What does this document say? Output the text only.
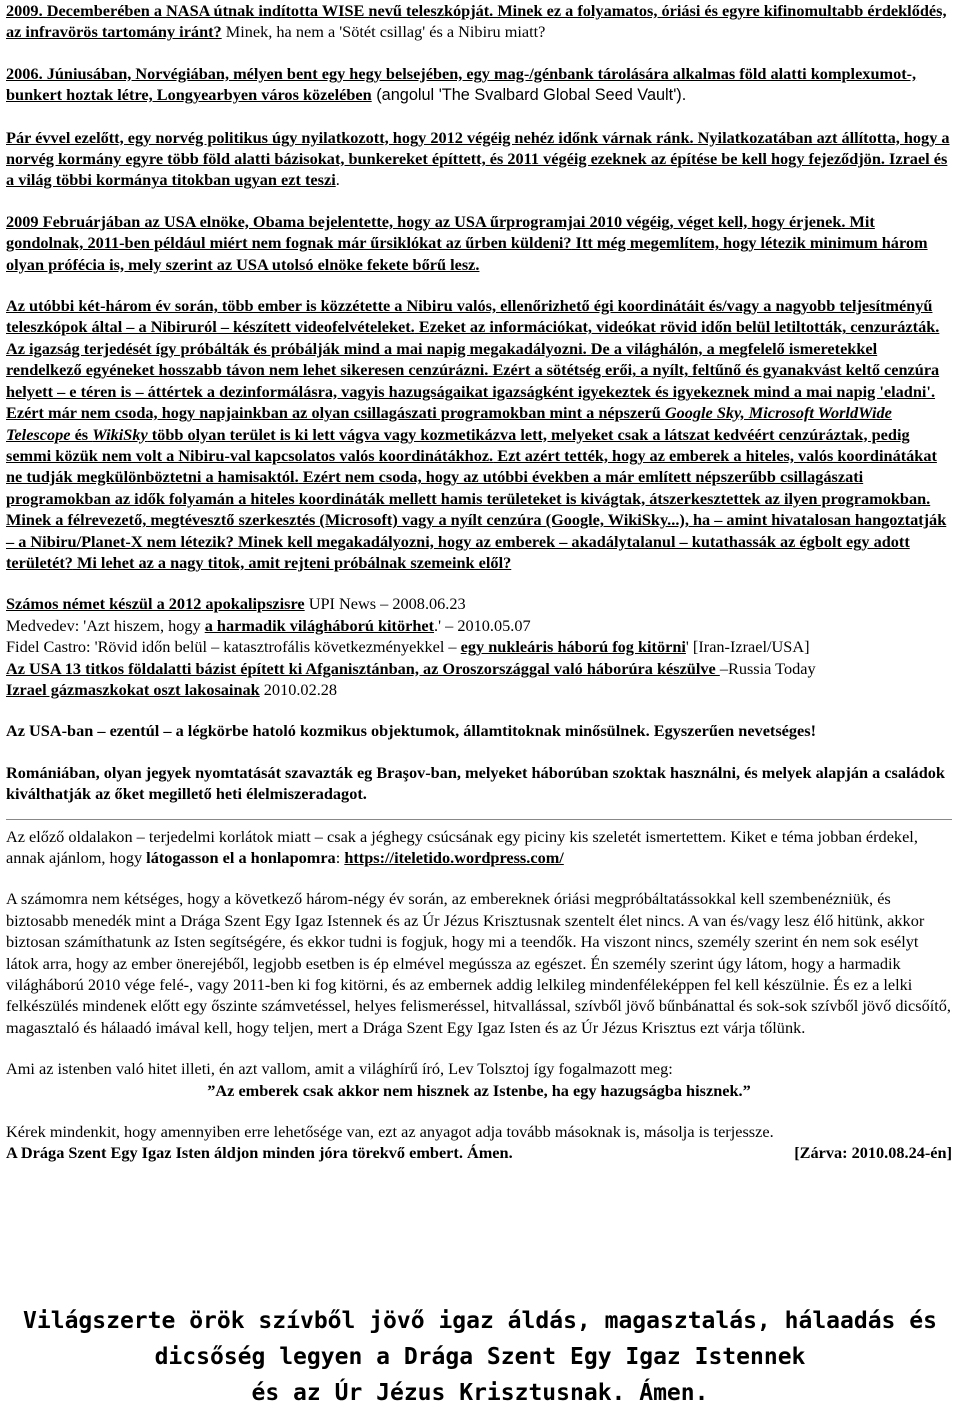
2009. Decemberében a NASA útnak indította WISE nevű teleszkópját. Minek ez a folyamatos, óriási és egyre kifinomultabb érdeklődés, az infravörös tartomány iránt? Minek, ha nem a 'Sötét csillag' és a Nibiru miatt?

2006. Júniusában, Norvégiában, mélyen bent egy hegy belsejében, egy mag-/génbank tárolására alkalmas föld alatti komplexumot-, bunkert hoztak létre, Longyearbyen város közelében (angolul 'The Svalbard Global Seed Vault').

Pár évvel ezelőtt, egy norvég politikus úgy nyilatkozott, hogy 2012 végéig nehéz időnk várnak ránk. Nyilatkozatában azt állította, hogy a norvég kormány egyre több föld alatti bázisokat, bunkereket építtett, és 2011 végéig ezeknek az építése be kell hogy fejeződjön. Izrael és a világ többi kormánya titokban ugyan ezt teszi.

2009 Februárjában az USA elnöke, Obama bejelentette, hogy az USA űrprogramjai 2010 végéig, véget kell, hogy érjenek. Mit gondolnak, 2011-ben például miért nem fognak már űrsiklókat az űrben küldeni? Itt még megemlítem, hogy létezik minimum három olyan prófécia is, mely szerint az USA utolsó elnöke fekete bőrű lesz.

Az utóbbi két-három év során, több ember is közzétette a Nibiru valós, ellenőrizhető égi koordinátáit és/vagy a nagyobb teljesítményű teleszkópok által – a Nibiruról – készített videofelvételeket. Ezeket az információkat, videókat rövid időn belül letiltották, cenzurázták. Az igazság terjedését így próbálták és próbálják mind a mai napig megakadályozni. De a világhálón, a megfelelő ismeretekkel rendelkező egyéneket hosszabb távon nem lehet sikeresen cenzúrázni. Ezért a sötétség erői, a nyílt, feltűnő és gyanakvást keltő cenzúra helyett – e téren is – áttértek a dezinformálásra, vagyis hazugságaikat igazságként igyekeztek és igyekeznek mind a mai napig 'eladni'. Ezért már nem csoda, hogy napjainkban az olyan csillagászati programokban mint a népszerű Google Sky, Microsoft WorldWide Telescope és WikiSky több olyan terület is ki lett vágva vagy kozmetikázva lett, melyeket csak a látszat kedvéért cenzúráztak, pedig semmi közük nem volt a Nibiru-val kapcsolatos valós koordinátákhoz. Ezt azért tették, hogy az emberek a hiteles, valós koordinátákat ne tudják megkülönböztetni a hamisaktól. Ezért nem csoda, hogy az utóbbi években a már említett népszerűbb csillagászati programokban az idők folyamán a hiteles koordináták mellett hamis területeket is kivágtak, átszerkesztettek az ilyen programokban. Minek a félrevezető, megtévesztő szerkesztés (Microsoft) vagy a nyílt cenzúra (Google, WikiSky...), ha – amint hivatalosan hangoztatják – a Nibiru/Planet-X nem létezik? Minek kell megakadályozni, hogy az emberek – akadálytalanul – kutathassák az égbolt egy adott területét? Mi lehet az a nagy titok, amit rejteni próbálnak szemeink elől?

Számos német készül a 2012 apokalipszisre UPI News – 2008.06.23

Medvedev: 'Azt hiszem, hogy a harmadik világháború kitörhet.' – 2010.05.07

Fidel Castro: 'Rövid időn belül – katasztrofális következményekkel – egy nukleáris háború fog kitörni' [Iran-Izrael/USA]

Az USA 13 titkos földalatti bázist épített ki Afganisztánban, az Oroszországgal való háborúra készülve –Russia Today

Izrael gázmaszkokat oszt lakosainak 2010.02.28

Az USA-ban – ezentúl – a légkörbe hatoló kozmikus objektumok, államtitoknak minősülnek. Egyszerűen nevetséges!

Romániában, olyan jegyek nyomtatását szavazták eg Braşov-ban, melyeket háborúban szoktak használni, és melyek alapján a családok kiválthatják az őket megillető heti élelmiszeradagot.

Az előző oldalakon – terjedelmi korlátok miatt – csak a jéghegy csúcsának egy piciny kis szeletét ismertettem. Kiket e téma jobban érdekel, annak ajánlom, hogy látogasson el a honlapomra: https://iteletido.wordpress.com/

A számomra nem kétséges, hogy a következő három-négy év során, az embereknek óriási megpróbáltatássokkal kell szembenézniük, és biztosabb menedék mint a Drága Szent Egy Igaz Istennek és az Úr Jézus Krisztusnak szentelt élet nincs. A van és/vagy lesz élő hitünk, akkor biztosan számíthatunk az Isten segítségére, és ekkor tudni is fogjuk, hogy mi a teendők. Ha viszont nincs, személy szerint én nem sok esélyt látok arra, hogy az ember önerejéből, legjobb esetben is ép elmével megússza az egészet. Én személy szerint úgy látom, hogy a harmadik világháború 2010 vége felé-, vagy 2011-ben ki fog kitörni, és az embernek addig lelkileg mindenféleképpen fel kell készülnie. És ez a lelki felkészülés mindenek előtt egy őszinte számvetéssel, helyes felismeréssel, hitvallással, szívből jövő bűnbánattal és sok-sok szívből jövő dicsőítő, magasztaló és hálaadó imával kell, hogy teljen, mert a Drága Szent Egy Igaz Isten és az Úr Jézus Krisztus ezt várja tőlünk.

Ami az istenben való hitet illeti, én azt vallom, amit a világhírű író, Lev Tolsztoj így fogalmazott meg:

”Az emberek csak akkor nem hisznek az Istenbe, ha egy hazugságba hisznek.”

Kérek mindenkit, hogy amennyiben erre lehetősége van, ezt az anyagot adja tovább másoknak is, másolja is terjessze.

A Drága Szent Egy Igaz Isten áldjon minden jóra törekvő embert. Ámen.	[Zárva: 2010.08.24-én]
Világszerte örök szívből jövő igaz áldás, magasztalás, hálaadás és
dicsőség legyen a Drága Szent Egy Igaz Istennek
és az Úr Jézus Krisztusnak. Ámen.
